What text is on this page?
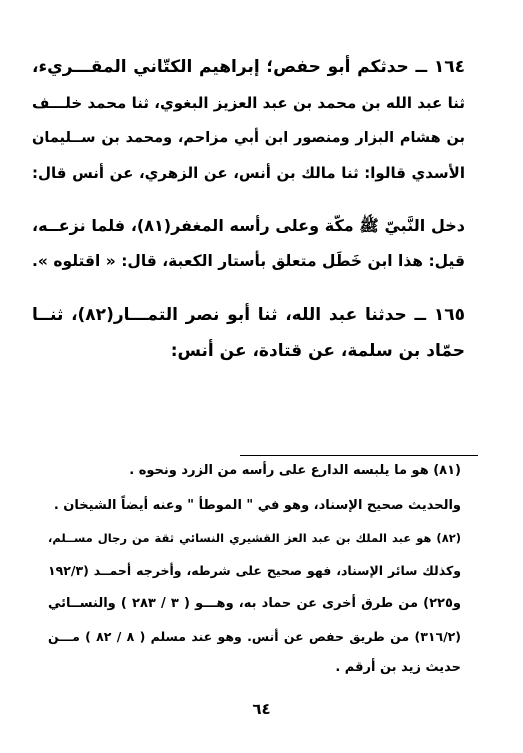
١٦٤ ــ حدثكم أبو حفص؛ إبراهيم الكتّاني المقـــريء،
ثنا عبد الله بن محمد بن عبد العزيز البغوي، ثنا محمد خلـــف
بن هشام البزار ومنصور ابن أبي مزاحم، ومحمد بن ســليمان
الأسدي قالوا: ثنا مالك بن أنس، عن الزهري، عن أنس قال:
دخل النَّبيّ ﷺ مكّة وعلى رأسه المغفر(٨١)، فلما نزعــه،
قيل: هذا ابن خَطَل متعلق بأستار الكعبة، قال: « اقتلوه ».
١٦٥ ــ حدثنا عبد الله، ثنا أبو نصر التمـــار(٨٢)، ثنــا
حمّاد بن سلمة، عن قتادة، عن أنس:
(٨١) هو ما يلبسه الدارع على رأسه من الزرد ونحوه .
والحديث صحيح الإسناد، وهو في " الموطأ " وعنه أيضاً الشيخان .
(٨٢) هو عبد الملك بن عبد العز القشيري النسائي ثقة من رجال مســلم،
وكذلك سائر الإسناد، فهو صحيح على شرطه، وأخرجه أحمــد (١٩٢/٣
و٢٢٥) من طرق أخرى عن حماد به، وهـــو ( ٣ / ٢٨٣ ) والنســائي
(٣١٦/٢) من طريق حفص عن أنس. وهو عند مسلم ( ٨ / ٨٢ ) مـــن
حديث زيد بن أرقم .
٦٤
